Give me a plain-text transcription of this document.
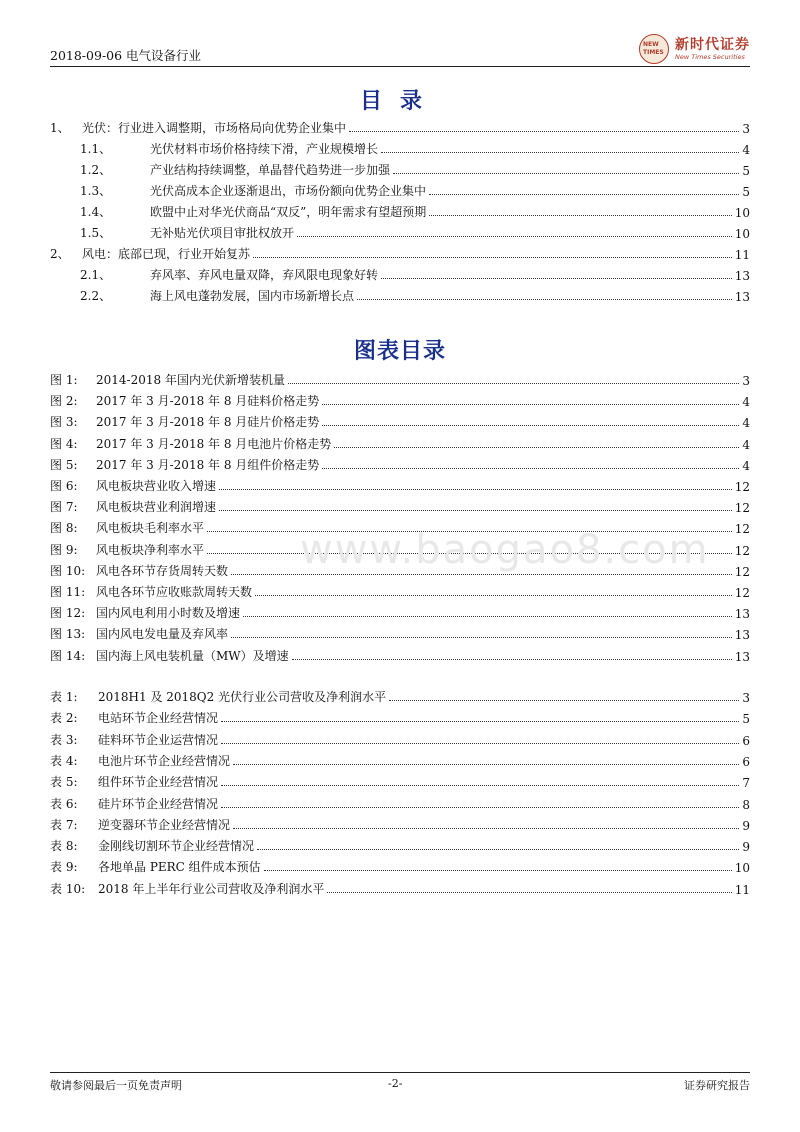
2018-09-06 电气设备行业
NEW
TIMES 新时代证券
New Times Securities
目录
1、	光伏：行业进入调整期，市场格局向优势企业集中	3
1.1、	光伏材料市场价格持续下滑，产业规模增长	4
1.2、	产业结构持续调整，单晶替代趋势进一步加强	5
1.3、	光伏高成本企业逐渐退出，市场份额向优势企业集中	5
1.4、	欧盟中止对华光伏商品“双反”，明年需求有望超预期	10
1.5、	无补贴光伏项目审批权放开	10
2、	风电：底部已现，行业开始复苏	11
2.1、	弃风率、弃风电量双降，弃风限电现象好转	13
2.2、	海上风电蓬勃发展，国内市场新增长点	13
图表目录
图 1:	2014-2018 年国内光伏新增装机量	3
图 2:	2017 年 3 月-2018 年 8 月硅料价格走势	4
图 3:	2017 年 3 月-2018 年 8 月硅片价格走势	4
图 4:	2017 年 3 月-2018 年 8 月电池片价格走势	4
图 5:	2017 年 3 月-2018 年 8 月组件价格走势	4
图 6:	风电板块营业收入增速	12
图 7:	风电板块营业利润增速	12
图 8:	风电板块毛利率水平	12
图 9:	风电板块净利率水平	12
图 10: 风电各环节存货周转天数	12
图 11: 风电各环节应收账款周转天数	12
图 12: 国内风电利用小时数及增速	13
图 13: 国内风电发电量及弃风率	13
图 14: 国内海上风电装机量（MW）及增速	13
表 1:	2018H1 及 2018Q2 光伏行业公司营收及净利润水平	3
表 2:	电站环节企业经营情况	5
表 3:	硅料环节企业运营情况	6
表 4:	电池片环节企业经营情况	6
表 5:	组件环节企业经营情况	7
表 6:	硅片环节企业经营情况	8
表 7:	逆变器环节企业经营情况	9
表 8:	金刚线切割环节企业经营情况	9
表 9:	各地单晶 PERC 组件成本预估	10
表 10:	2018 年上半年行业公司营收及净利润水平	11
www.baogao8.com
敬请参阅最后一页免责声明	-2-	证券研究报告
